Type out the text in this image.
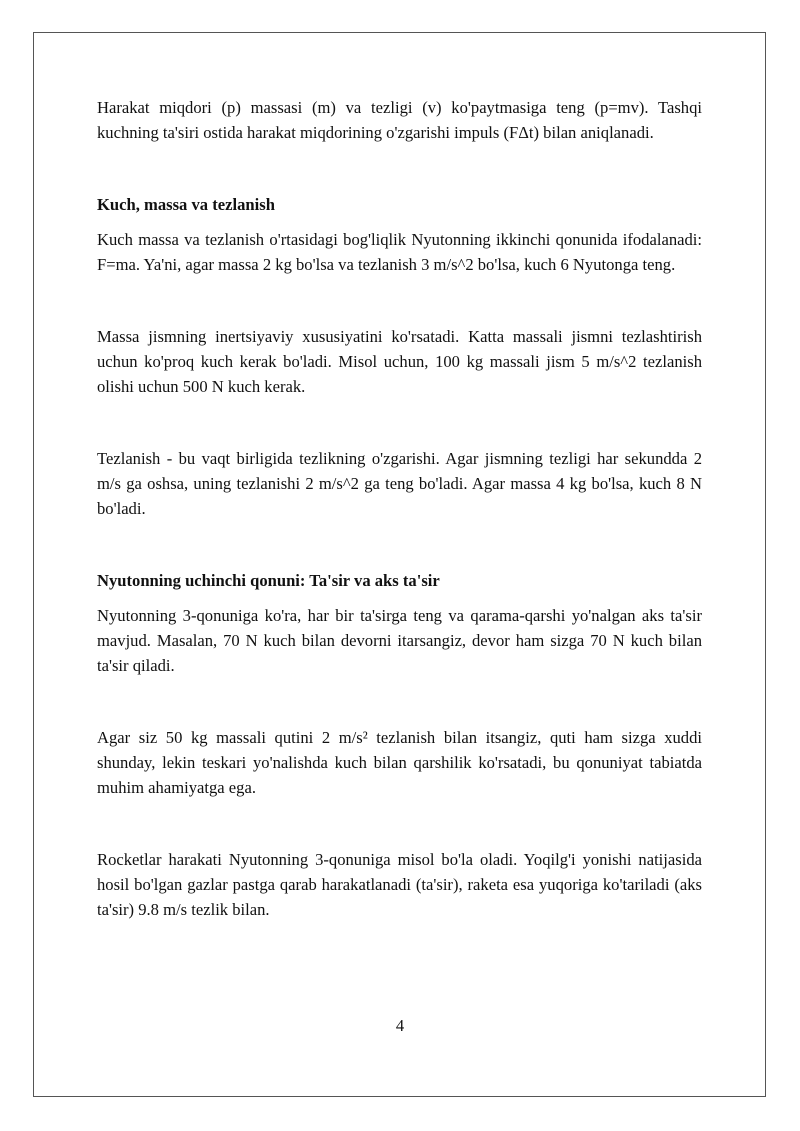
Harakat miqdori (p) massasi (m) va tezligi (v) ko'paytmasiga teng (p=mv). Tashqi kuchning ta'siri ostida harakat miqdorining o'zgarishi impuls (FΔt) bilan aniqlanadi.

Kuch, massa va tezlanish

Kuch massa va tezlanish o'rtasidagi bog'liqlik Nyutonning ikkinchi qonunida ifodalanadi: F=ma. Ya'ni, agar massa 2 kg bo'lsa va tezlanish 3 m/s^2 bo'lsa, kuch 6 Nyutonga teng.

Massa jismning inertsiyaviy xususiyatini ko'rsatadi. Katta massali jismni tezlashtirish uchun ko'proq kuch kerak bo'ladi. Misol uchun, 100 kg massali jism 5 m/s^2 tezlanish olishi uchun 500 N kuch kerak.

Tezlanish - bu vaqt birligida tezlikning o'zgarishi. Agar jismning tezligi har sekundda 2 m/s ga oshsa, uning tezlanishi 2 m/s^2 ga teng bo'ladi. Agar massa 4 kg bo'lsa, kuch 8 N bo'ladi.

Nyutonning uchinchi qonuni: Ta'sir va aks ta'sir

Nyutonning 3-qonuniga ko'ra, har bir ta'sirga teng va qarama-qarshi yo'nalgan aks ta'sir mavjud. Masalan, 70 N kuch bilan devorni itarsangiz, devor ham sizga 70 N kuch bilan ta'sir qiladi.

Agar siz 50 kg massali qutini 2 m/s² tezlanish bilan itsangiz, quti ham sizga xuddi shunday, lekin teskari yo'nalishda kuch bilan qarshilik ko'rsatadi, bu qonuniyat tabiatda muhim ahamiyatga ega.

Rocketlar harakati Nyutonning 3-qonuniga misol bo'la oladi. Yoqilg'i yonishi natijasida hosil bo'lgan gazlar pastga qarab harakatlanadi (ta'sir), raketa esa yuqoriga ko'tariladi (aks ta'sir) 9.8 m/s tezlik bilan.

4
